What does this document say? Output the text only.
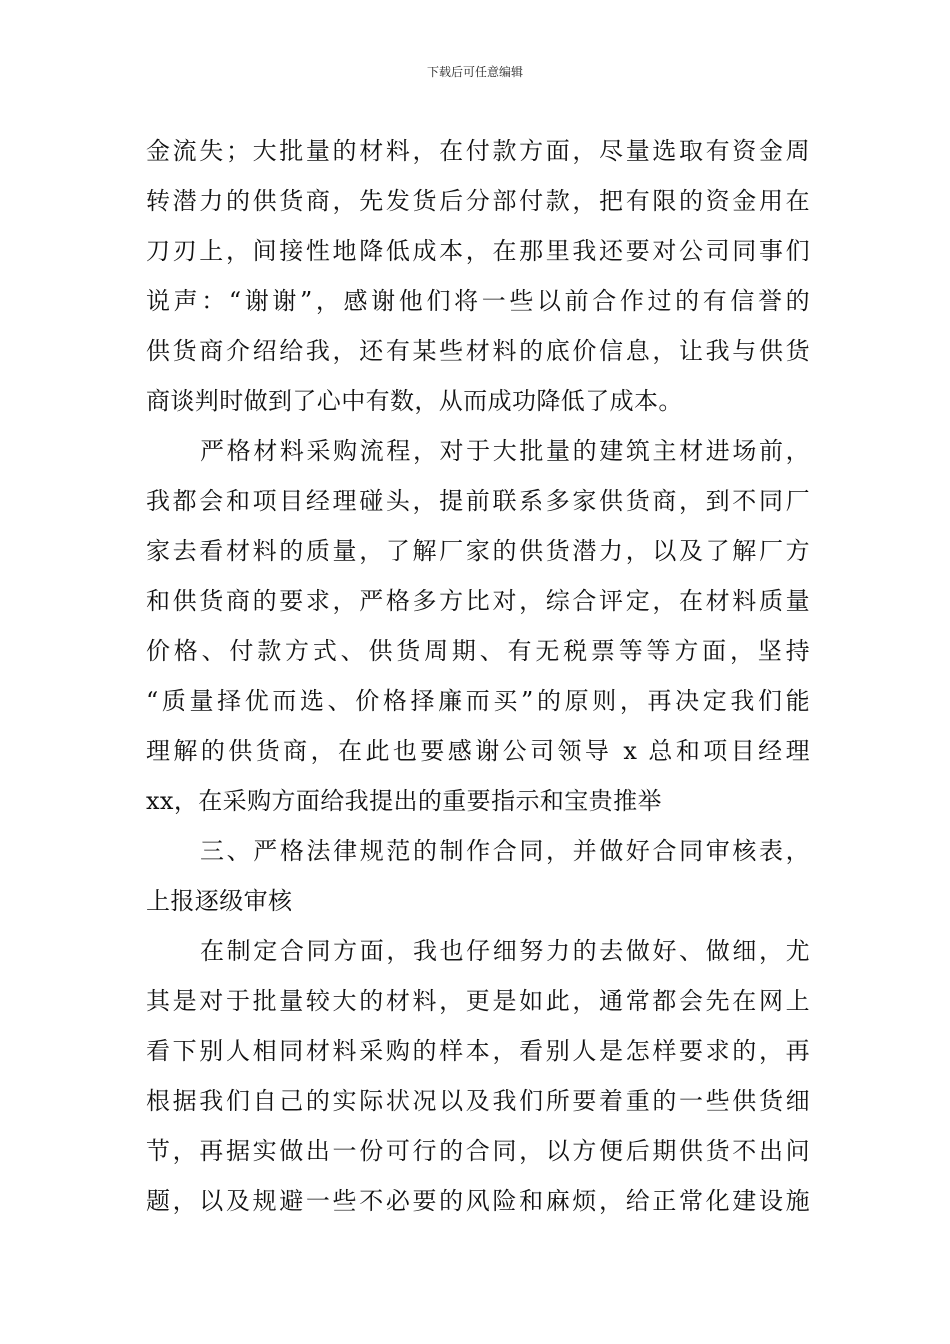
下载后可任意编辑
金流失；大批量的材料，在付款方面，尽量选取有资金周
转潜力的供货商，先发货后分部付款，把有限的资金用在
刀刃上，间接性地降低成本，在那里我还要对公司同事们
说声：“谢谢”，感谢他们将一些以前合作过的有信誉的
供货商介绍给我，还有某些材料的底价信息，让我与供货
商谈判时做到了心中有数，从而成功降低了成本。
严格材料采购流程，对于大批量的建筑主材进场前，
我都会和项目经理碰头，提前联系多家供货商，到不同厂
家去看材料的质量，了解厂家的供货潜力，以及了解厂方
和供货商的要求，严格多方比对，综合评定，在材料质量
价格、付款方式、供货周期、有无税票等等方面，坚持
“质量择优而选、价格择廉而买”的原则，再决定我们能
理解的供货商，在此也要感谢公司领导 x 总和项目经理
xx，在采购方面给我提出的重要指示和宝贵推举
三、严格法律规范的制作合同，并做好合同审核表，
上报逐级审核
在制定合同方面，我也仔细努力的去做好、做细，尤
其是对于批量较大的材料，更是如此，通常都会先在网上
看下别人相同材料采购的样本，看别人是怎样要求的，再
根据我们自己的实际状况以及我们所要着重的一些供货细
节，再据实做出一份可行的合同，以方便后期供货不出问
题，以及规避一些不必要的风险和麻烦，给正常化建设施
